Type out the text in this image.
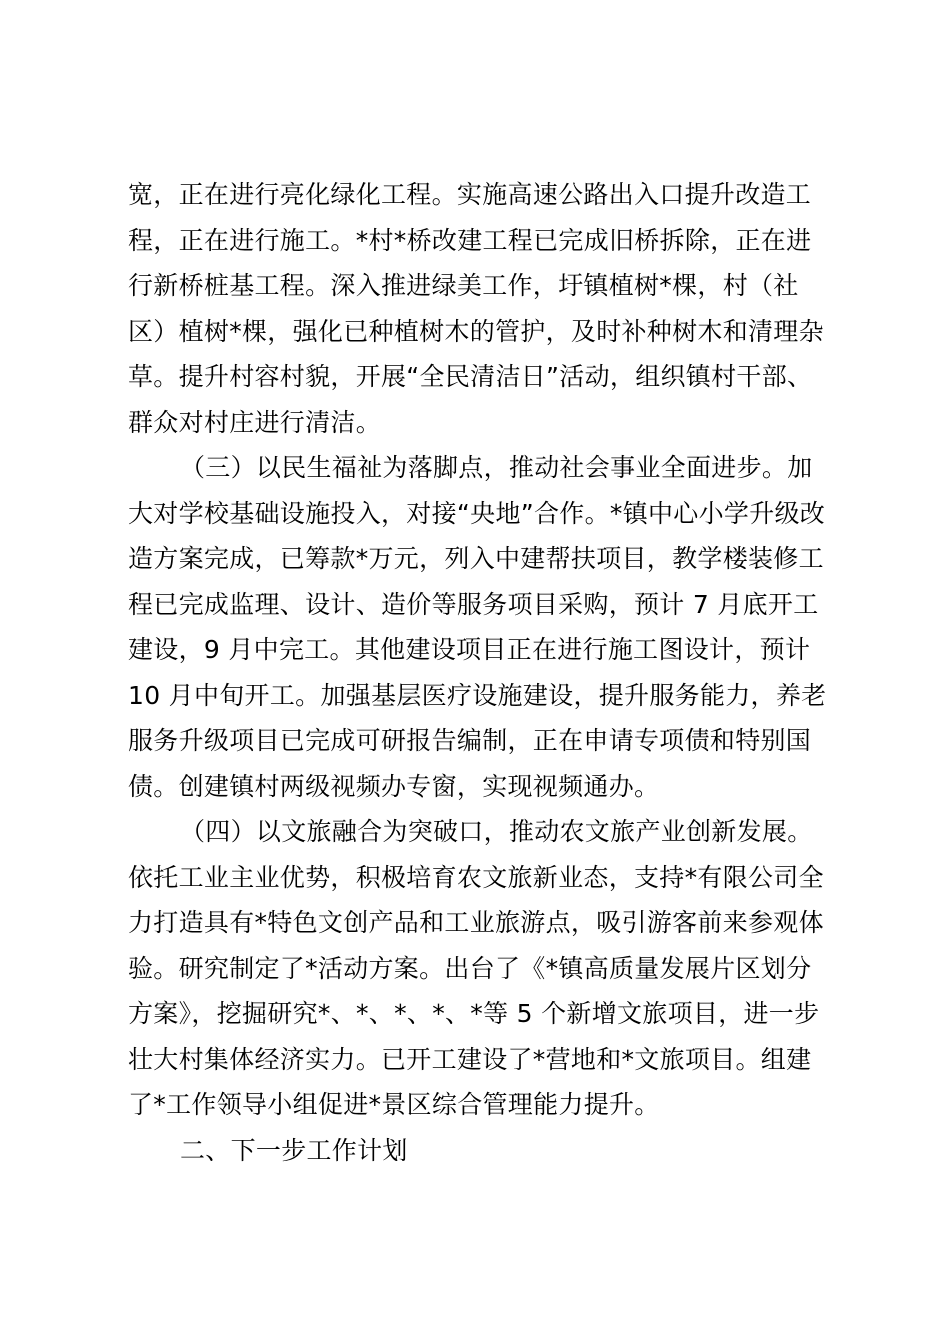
宽，正在进行亮化绿化工程。实施高速公路出入口提升改造工
程，正在进行施工。*村*桥改建工程已完成旧桥拆除，正在进
行新桥桩基工程。深入推进绿美工作，圩镇植树*棵，村（社
区）植树*棵，强化已种植树木的管护，及时补种树木和清理杂
草。提升村容村貌，开展“全民清洁日”活动，组织镇村干部、
群众对村庄进行清洁。
（三）以民生福祉为落脚点，推动社会事业全面进步。加
大对学校基础设施投入，对接“央地”合作。*镇中心小学升级改
造方案完成，已筹款*万元，列入中建帮扶项目，教学楼装修工
程已完成监理、设计、造价等服务项目采购，预计 7 月底开工
建设，9 月中完工。其他建设项目正在进行施工图设计，预计
10 月中旬开工。加强基层医疗设施建设，提升服务能力，养老
服务升级项目已完成可研报告编制，正在申请专项债和特别国
债。创建镇村两级视频办专窗，实现视频通办。
（四）以文旅融合为突破口，推动农文旅产业创新发展。
依托工业主业优势，积极培育农文旅新业态，支持*有限公司全
力打造具有*特色文创产品和工业旅游点，吸引游客前来参观体
验。研究制定了*活动方案。出台了《*镇高质量发展片区划分
方案》，挖掘研究*、*、*、*、*等 5 个新增文旅项目，进一步
壮大村集体经济实力。已开工建设了*营地和*文旅项目。组建
了*工作领导小组促进*景区综合管理能力提升。
二、下一步工作计划
